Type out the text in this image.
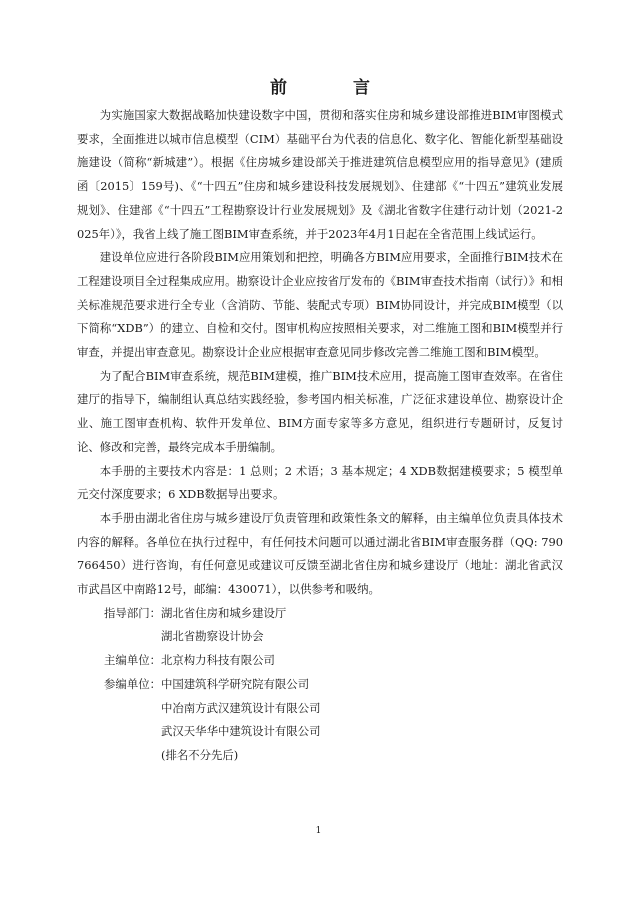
前 言

为实施国家大数据战略加快建设数字中国，贯彻和落实住房和城乡建设部推进BIM审图模式要求，全面推进以城市信息模型（CIM）基础平台为代表的信息化、数字化、智能化新型基础设施建设（简称“新城建”）。根据《住房城乡建设部关于推进建筑信息模型应用的指导意见》(建质函〔2015〕159号)、《“十四五”住房和城乡建设科技发展规划》、住建部《“十四五”建筑业发展规划》、住建部《“十四五”工程勘察设计行业发展规划》及《湖北省数字住建行动计划（2021-2025年）》，我省上线了施工图BIM审查系统，并于2023年4月1日起在全省范围上线试运行。

建设单位应进行各阶段BIM应用策划和把控，明确各方BIM应用要求，全面推行BIM技术在工程建设项目全过程集成应用。勘察设计企业应按省厅发布的《BIM审查技术指南（试行）》和相关标准规范要求进行全专业（含消防、节能、装配式专项）BIM协同设计，并完成BIM模型（以下简称“XDB”）的建立、自检和交付。图审机构应按照相关要求，对二维施工图和BIM模型并行审查，并提出审查意见。勘察设计企业应根据审查意见同步修改完善二维施工图和BIM模型。

为了配合BIM审查系统，规范BIM建模，推广BIM技术应用，提高施工图审查效率。在省住建厅的指导下，编制组认真总结实践经验，参考国内相关标准，广泛征求建设单位、勘察设计企业、施工图审查机构、软件开发单位、BIM方面专家等多方意见，组织进行专题研讨，反复讨论、修改和完善，最终完成本手册编制。

本手册的主要技术内容是：1 总则；2 术语；3 基本规定；4 XDB数据建模要求；5 模型单元交付深度要求；6 XDB数据导出要求。

本手册由湖北省住房与城乡建设厅负责管理和政策性条文的解释，由主编单位负责具体技术内容的解释。各单位在执行过程中，有任何技术问题可以通过湖北省BIM审查服务群（QQ: 790766450）进行咨询，有任何意见或建议可反馈至湖北省住房和城乡建设厅（地址：湖北省武汉市武昌区中南路12号，邮编：430071），以供参考和吸纳。

指导部门： 湖北省住房和城乡建设厅
湖北省勘察设计协会
主编单位： 北京构力科技有限公司
参编单位： 中国建筑科学研究院有限公司
中冶南方武汉建筑设计有限公司
武汉天华华中建筑设计有限公司
(排名不分先后)
1
